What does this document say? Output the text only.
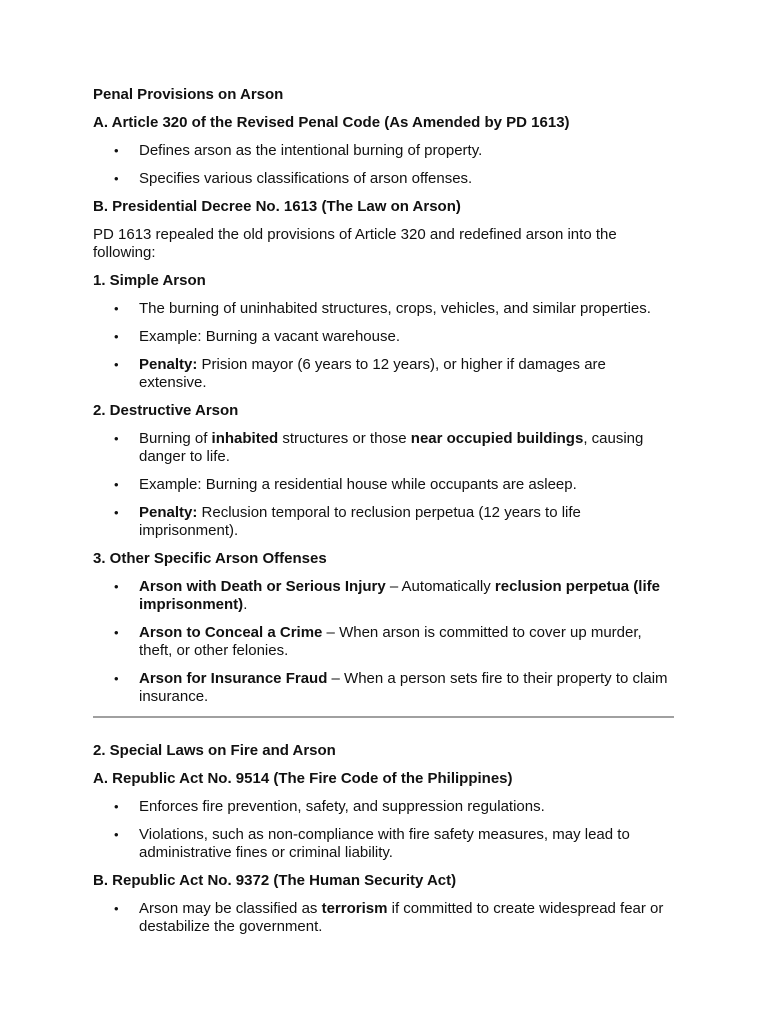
Penal Provisions on Arson
A. Article 320 of the Revised Penal Code (As Amended by PD 1613)
• Defines arson as the intentional burning of property.
• Specifies various classifications of arson offenses.
B. Presidential Decree No. 1613 (The Law on Arson)
PD 1613 repealed the old provisions of Article 320 and redefined arson into the following:
1. Simple Arson
• The burning of uninhabited structures, crops, vehicles, and similar properties.
• Example: Burning a vacant warehouse.
• Penalty: Prision mayor (6 years to 12 years), or higher if damages are extensive.
2. Destructive Arson
• Burning of inhabited structures or those near occupied buildings, causing danger to life.
• Example: Burning a residential house while occupants are asleep.
• Penalty: Reclusion temporal to reclusion perpetua (12 years to life imprisonment).
3. Other Specific Arson Offenses
• Arson with Death or Serious Injury – Automatically reclusion perpetua (life imprisonment).
• Arson to Conceal a Crime – When arson is committed to cover up murder, theft, or other felonies.
• Arson for Insurance Fraud – When a person sets fire to their property to claim insurance.
2. Special Laws on Fire and Arson
A. Republic Act No. 9514 (The Fire Code of the Philippines)
• Enforces fire prevention, safety, and suppression regulations.
• Violations, such as non-compliance with fire safety measures, may lead to administrative fines or criminal liability.
B. Republic Act No. 9372 (The Human Security Act)
• Arson may be classified as terrorism if committed to create widespread fear or destabilize the government.
